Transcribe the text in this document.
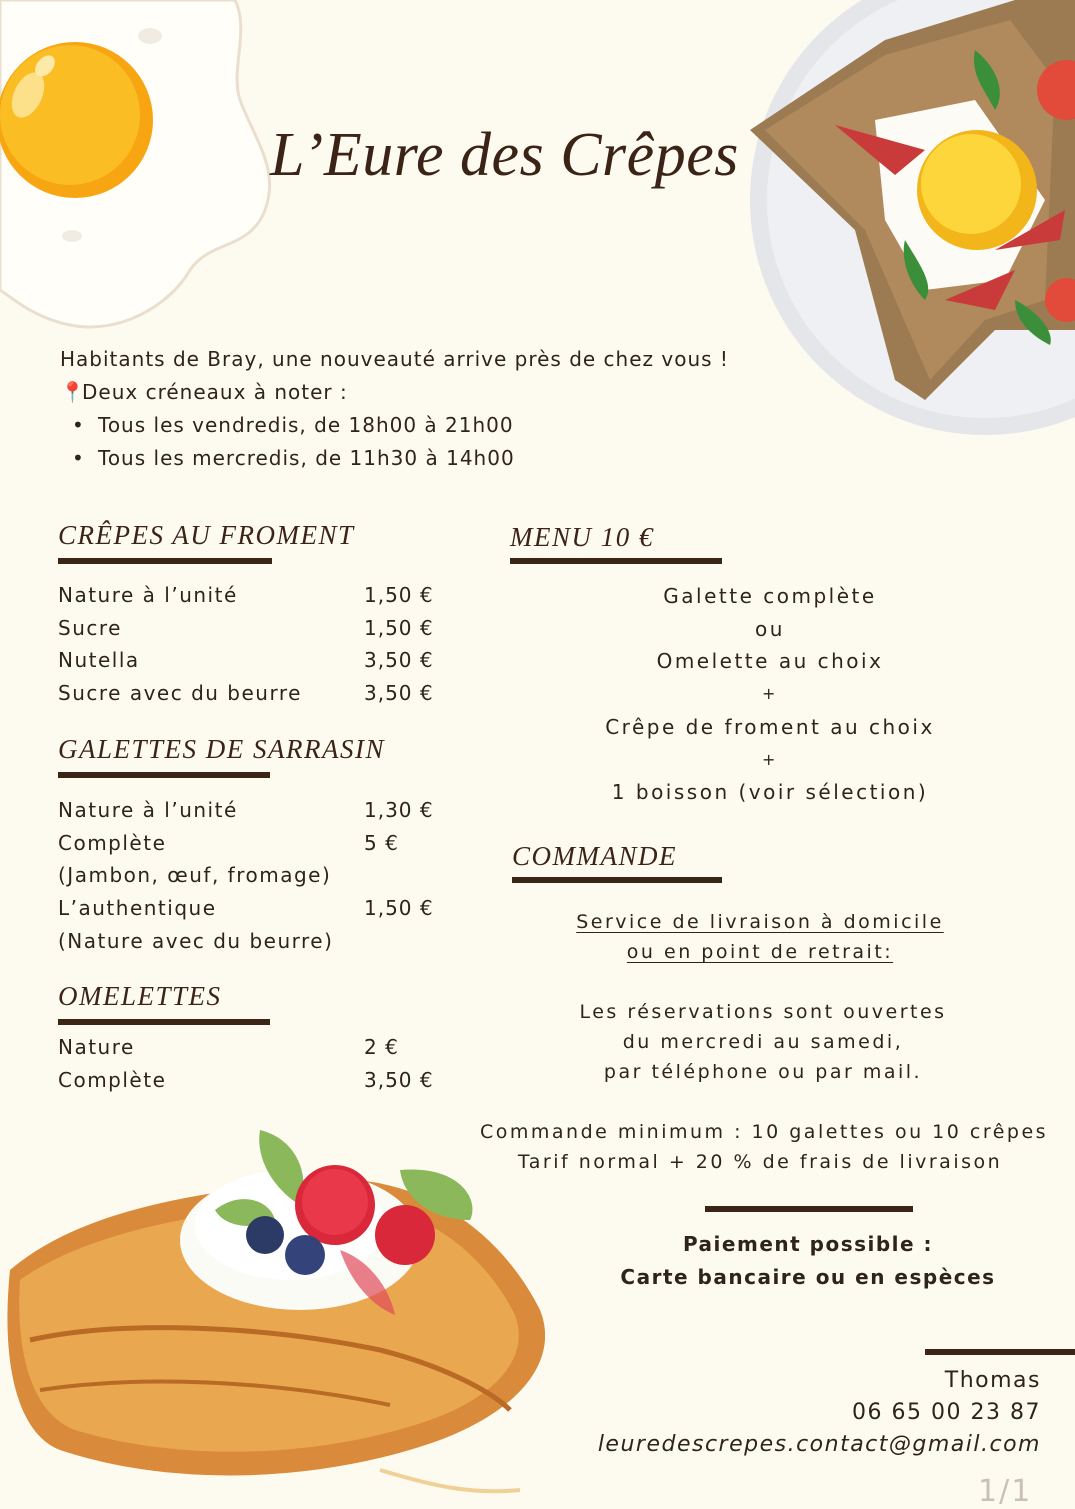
L’Eure des Crêpes
Habitants de Bray, une nouveauté arrive près de chez vous !
📍Deux créneaux à noter :
• Tous les vendredis, de 18h00 à 21h00
• Tous les mercredis, de 11h30 à 14h00
CRÊPES AU FROMENT
Nature à l’unité	1,50 €
Sucre	1,50 €
Nutella	3,50 €
Sucre avec du beurre	3,50 €
GALETTES DE SARRASIN
Nature à l’unité	1,30 €
Complète	5 €
(Jambon, œuf, fromage)
L’authentique	1,50 €
(Nature avec du beurre)
OMELETTES
Nature	2 €
Complète	3,50 €
MENU 10 €
Galette complète
ou
Omelette au choix
+
Crêpe de froment au choix
+
1 boisson (voir sélection)
COMMANDE
Service de livraison à domicile
ou en point de retrait:
Les réservations sont ouvertes
du mercredi au samedi,
par téléphone ou par mail.
Commande minimum : 10 galettes ou 10 crêpes
Tarif normal + 20 % de frais de livraison
Paiement possible :
Carte bancaire ou en espèces
Thomas
06 65 00 23 87
leuredescrepes.contact@gmail.com
1/1
